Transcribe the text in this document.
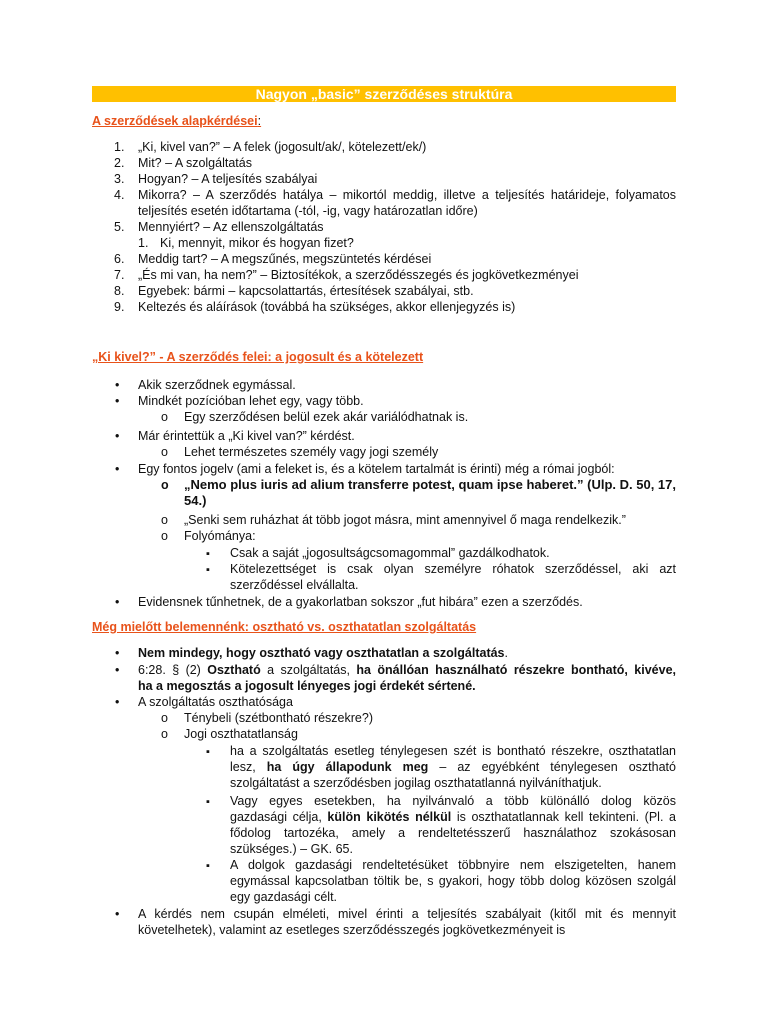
Nagyon „basic” szerződéses struktúra
A szerződések alapkérdései:
1. „Ki, kivel van?” – A felek (jogosult/ak/, kötelezett/ek/)
2. Mit? – A szolgáltatás
3. Hogyan? – A teljesítés szabályai
4. Mikorra? – A szerződés hatálya – mikortól meddig, illetve a teljesítés határideje, folyamatos
teljesítés esetén időtartama (-tól, -ig, vagy határozatlan időre)
5. Mennyiért? – Az ellenszolgáltatás
1. Ki, mennyit, mikor és hogyan fizet?
6. Meddig tart? – A megszűnés, megszüntetés kérdései
7. „És mi van, ha nem?” – Biztosítékok, a szerződésszegés és jogkövetkezményei
8. Egyebek: bármi – kapcsolattartás, értesítések szabályai, stb.
9. Keltezés és aláírások (továbbá ha szükséges, akkor ellenjegyzés is)
„Ki kivel?” - A szerződés felei: a jogosult és a kötelezett
•
Akik szerződnek egymással.
•
Mindkét pozícióban lehet egy, vagy több.
o
Egy szerződésen belül ezek akár variálódhatnak is.
•
Már érintettük a „Ki kivel van?” kérdést.
o
Lehet természetes személy vagy jogi személy
•
Egy fontos jogelv (ami a feleket is, és a kötelem tartalmát is érinti) még a római jogból:
o
„Nemo plus iuris ad alium transferre potest, quam ipse haberet.” (Ulp. D. 50, 17,
54.)
o
„Senki sem ruházhat át több jogot másra, mint amennyivel ő maga rendelkezik.”
o
Folyómánya:
▪
Csak a saját „jogosultságcsomagommal” gazdálkodhatok.
▪
Kötelezettséget is csak olyan személyre róhatok szerződéssel, aki azt
szerződéssel elvállalta.
•
Evidensnek tűnhetnek, de a gyakorlatban sokszor „fut hibára” ezen a szerződés.
Még mielőtt belemennénk: osztható vs. oszthatatlan szolgáltatás
•
Nem mindegy, hogy osztható vagy oszthatatlan a szolgáltatás.
•
6:28. § (2) Osztható a szolgáltatás, ha önállóan használható részekre bontható, kivéve,
ha a megosztás a jogosult lényeges jogi érdekét sértené.
•
A szolgáltatás oszthatósága
o
Ténybeli (szétbontható részekre?)
o
Jogi oszthatatlanság
▪
ha a szolgáltatás esetleg ténylegesen szét is bontható részekre, oszthatatlan
lesz, ha úgy állapodunk meg – az egyébként ténylegesen osztható
szolgáltatást a szerződésben jogilag oszthatatlanná nyilváníthatjuk.
▪
Vagy egyes esetekben, ha nyilvánvaló a több különálló dolog közös
gazdasági célja, külön kikötés nélkül is oszthatatlannak kell tekinteni. (Pl. a
fődolog tartozéka, amely a rendeltetésszerű használathoz szokásosan
szükséges.) – GK. 65.
▪
A dolgok gazdasági rendeltetésüket többnyire nem elszigetelten, hanem
egymással kapcsolatban töltik be, s gyakori, hogy több dolog közösen szolgál
egy gazdasági célt.
•
A kérdés nem csupán elméleti, mivel érinti a teljesítés szabályait (kitől mit és mennyit
követelhetek), valamint az esetleges szerződésszegés jogkövetkezményeit is
